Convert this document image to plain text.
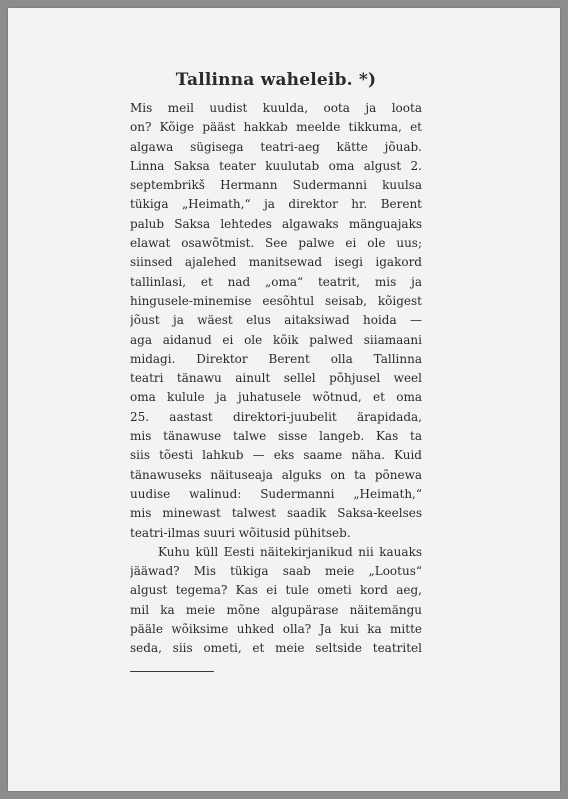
Tallinna waheleib. *)

Mis meil uudist kuulda, oota ja loota
on? Kõige pääst hakkab meelde tikkuma, et
algawa sügisega teatri-aeg kätte jõuab.
Linna Saksa teater kuulutab oma algust 2.
septembrikš Hermann Sudermanni kuulsa
tükiga „Heimath,“ ja direktor hr. Berent
palub Saksa lehtedes algawaks mänguajaks
elawat osawõtmist. See palwe ei ole uus;
siinsed ajalehed manitsewad isegi igakord
tallinlasi, et nad „oma“ teatrit, mis ja
hingusele-minemise eesõhtul seisab, kõigest
jõust ja wäest elus aitaksiwad hoida —
aga aidanud ei ole kõik palwed siiamaani
midagi. Direktor Berent olla Tallinna
teatri tänawu ainult sellel põhjusel weel
oma kulule ja juhatusele wõtnud, et oma
25. aastast direktori-juubelit ärapidada,
mis tänawuse talwe sisse langeb. Kas ta
siis tõesti lahkub — eks saame näha. Kuid
tänawuseks näituseaja alguks on ta põnewa
uudise walinud: Sudermanni „Heimath,“
mis minewast talwest saadik Saksa-keelses
teatri-ilmas suuri wõitusid pühitseb.

Kuhu küll Eesti näitekirjanikud nii kauaks
jääwad? Mis tükiga saab meie „Lootus“
algust tegema? Kas ei tule ometi kord aeg,
mil ka meie mõne algupärase näitemängu
pääle wõiksime uhked olla? Ja kui ka mitte
seda, siis ometi, et meie seltside teatritel
